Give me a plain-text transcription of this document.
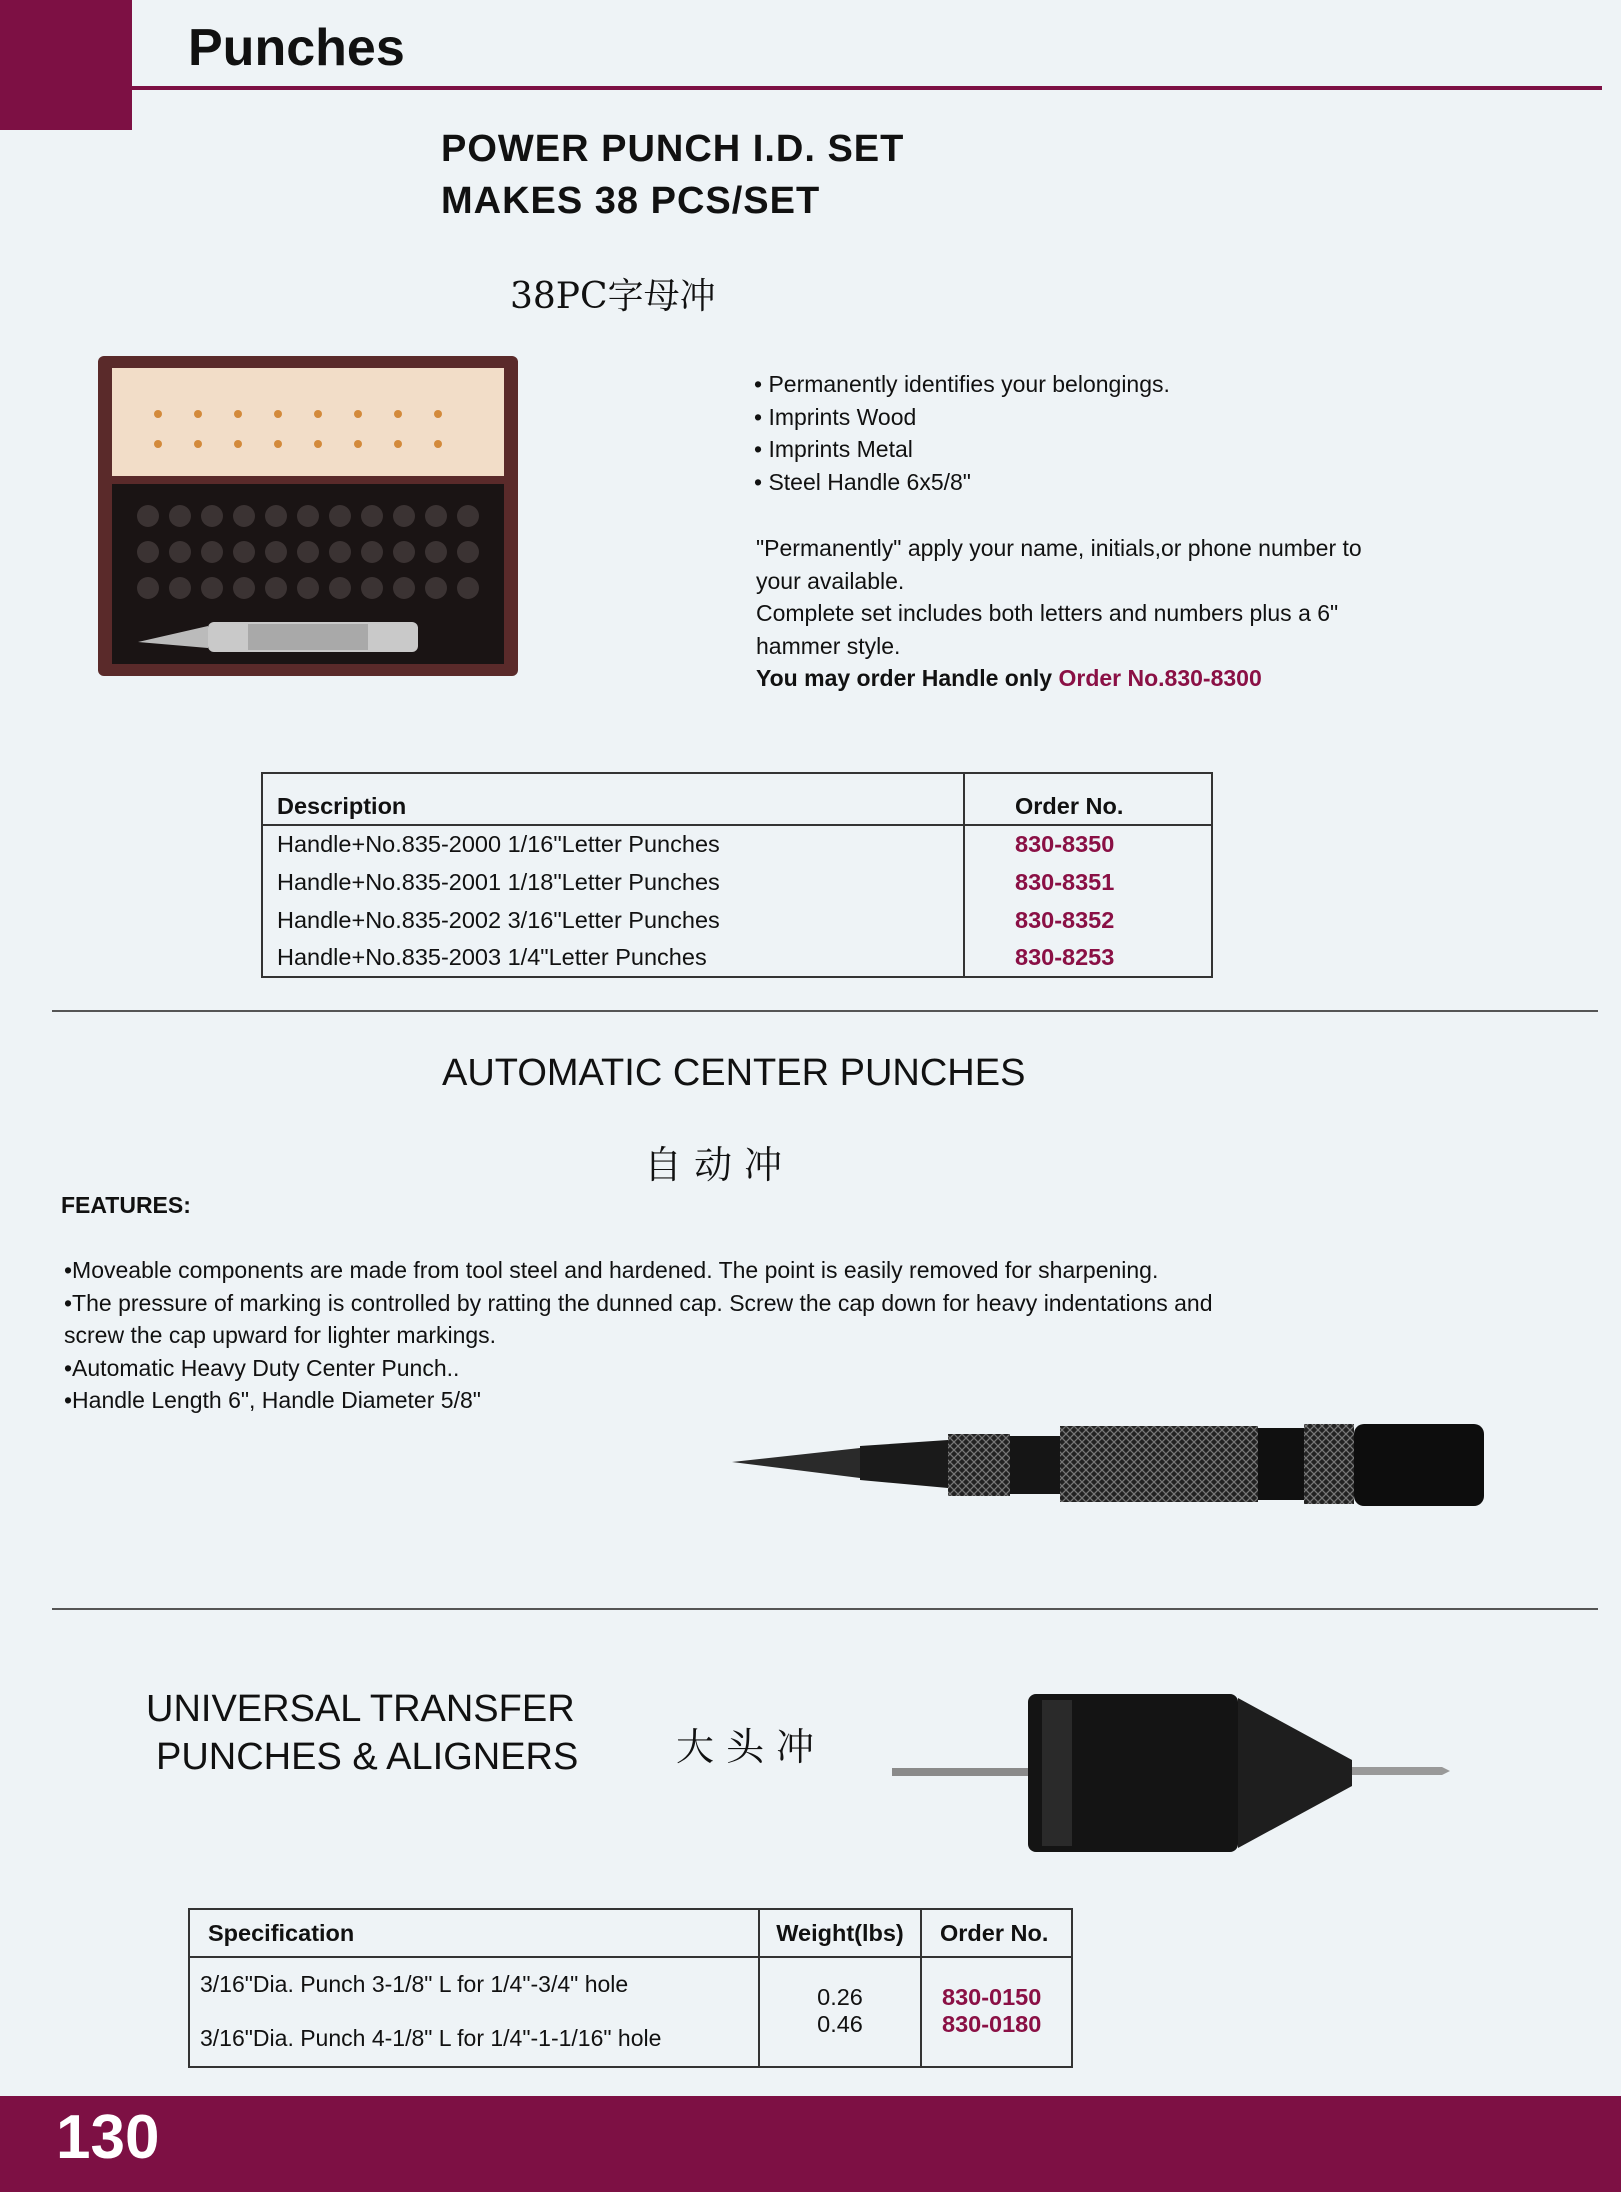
Punches
POWER PUNCH I.D. SET
MAKES 38 PCS/SET
38PC字母冲
• Permanently identifies your belongings.
• Imprints Wood
• Imprints Metal
• Steel Handle 6x5/8"
"Permanently" apply your name, initials,or phone number to
your available.
Complete set includes both letters and numbers plus a 6"
hammer style.
You may order Handle only Order No.830-8300
Description	Order No.
Handle+No.835-2000 1/16"Letter Punches	830-8350
Handle+No.835-2001 1/18"Letter Punches	830-8351
Handle+No.835-2002 3/16"Letter Punches	830-8352
Handle+No.835-2003 1/4"Letter Punches	830-8253
AUTOMATIC CENTER PUNCHES
自 动 冲
FEATURES:
•Moveable components are made from tool steel and hardened. The point is easily removed for sharpening.
•The pressure of marking is controlled by ratting the dunned cap. Screw the cap down for heavy indentations and screw the cap upward for lighter markings.
•Automatic Heavy Duty Center Punch..
•Handle Length 6", Handle Diameter 5/8"
UNIVERSAL TRANSFER
PUNCHES & ALIGNERS	大 头 冲
Specification	Weight(lbs)	Order No.
3/16"Dia. Punch 3-1/8" L for 1/4"-3/4" hole	0.26	830-0150
3/16"Dia. Punch 4-1/8" L for 1/4"-1-1/16" hole	0.46	830-0180
130
